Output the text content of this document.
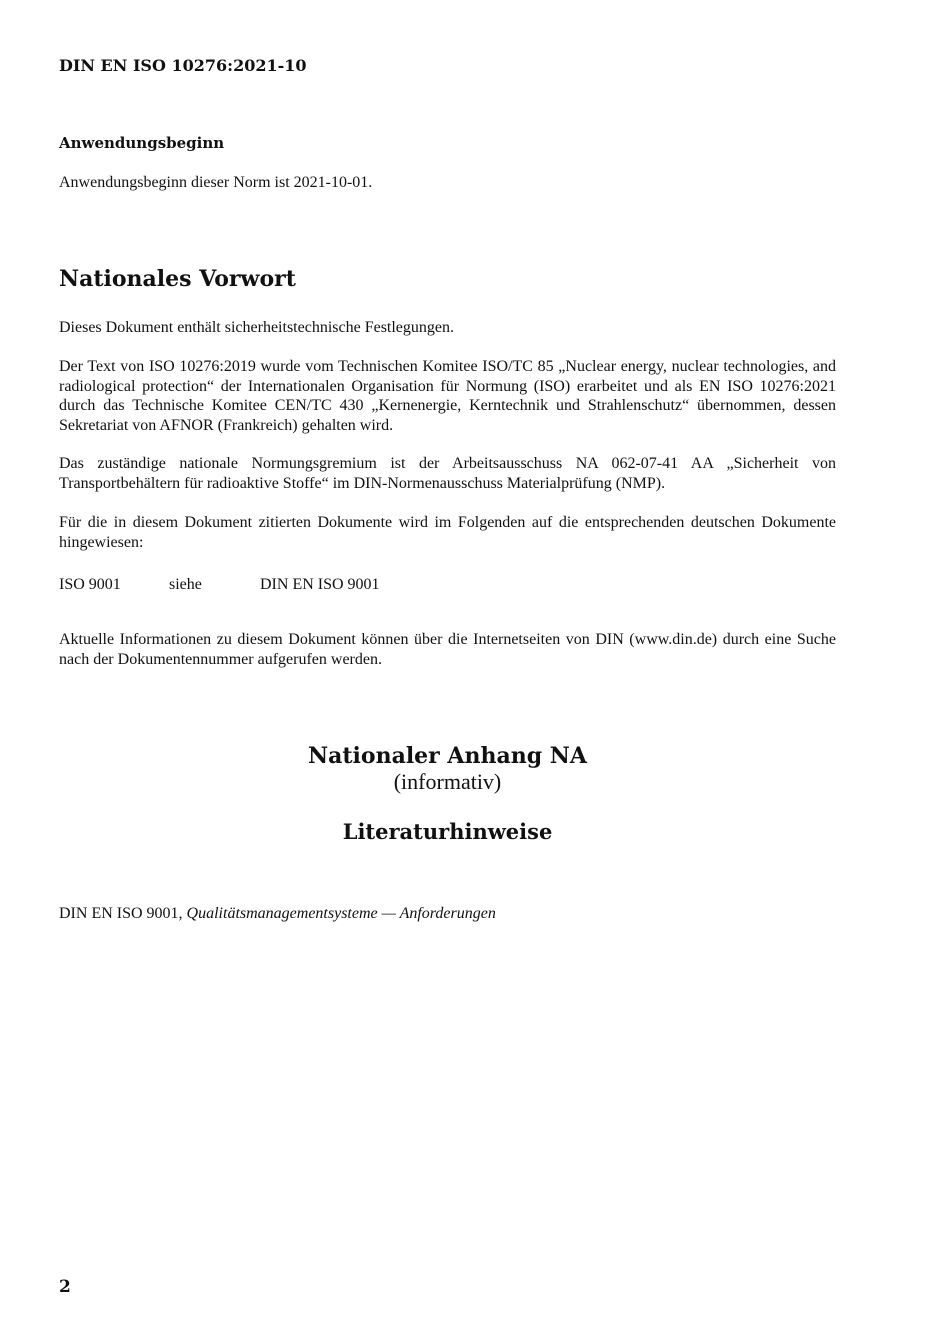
DIN EN ISO 10276:2021-10
Anwendungsbeginn
Anwendungsbeginn dieser Norm ist 2021-10-01.
Nationales Vorwort
Dieses Dokument enthält sicherheitstechnische Festlegungen.
Der Text von ISO 10276:2019 wurde vom Technischen Komitee ISO/TC 85 „Nuclear energy, nuclear technologies, and radiological protection“ der Internationalen Organisation für Normung (ISO) erarbeitet und als EN ISO 10276:2021 durch das Technische Komitee CEN/TC 430 „Kernenergie, Kerntechnik und Strahlenschutz“ übernommen, dessen Sekretariat von AFNOR (Frankreich) gehalten wird.
Das zuständige nationale Normungsgremium ist der Arbeitsausschuss NA 062-07-41 AA „Sicherheit von Transportbehältern für radioaktive Stoffe“ im DIN-Normenausschuss Materialprüfung (NMP).
Für die in diesem Dokument zitierten Dokumente wird im Folgenden auf die entsprechenden deutschen Dokumente hingewiesen:
ISO 9001	siehe	DIN EN ISO 9001
Aktuelle Informationen zu diesem Dokument können über die Internetseiten von DIN (www.din.de) durch eine Suche nach der Dokumentennummer aufgerufen werden.
Nationaler Anhang NA
(informativ)
Literaturhinweise
DIN EN ISO 9001, Qualitätsmanagementsysteme — Anforderungen
2
